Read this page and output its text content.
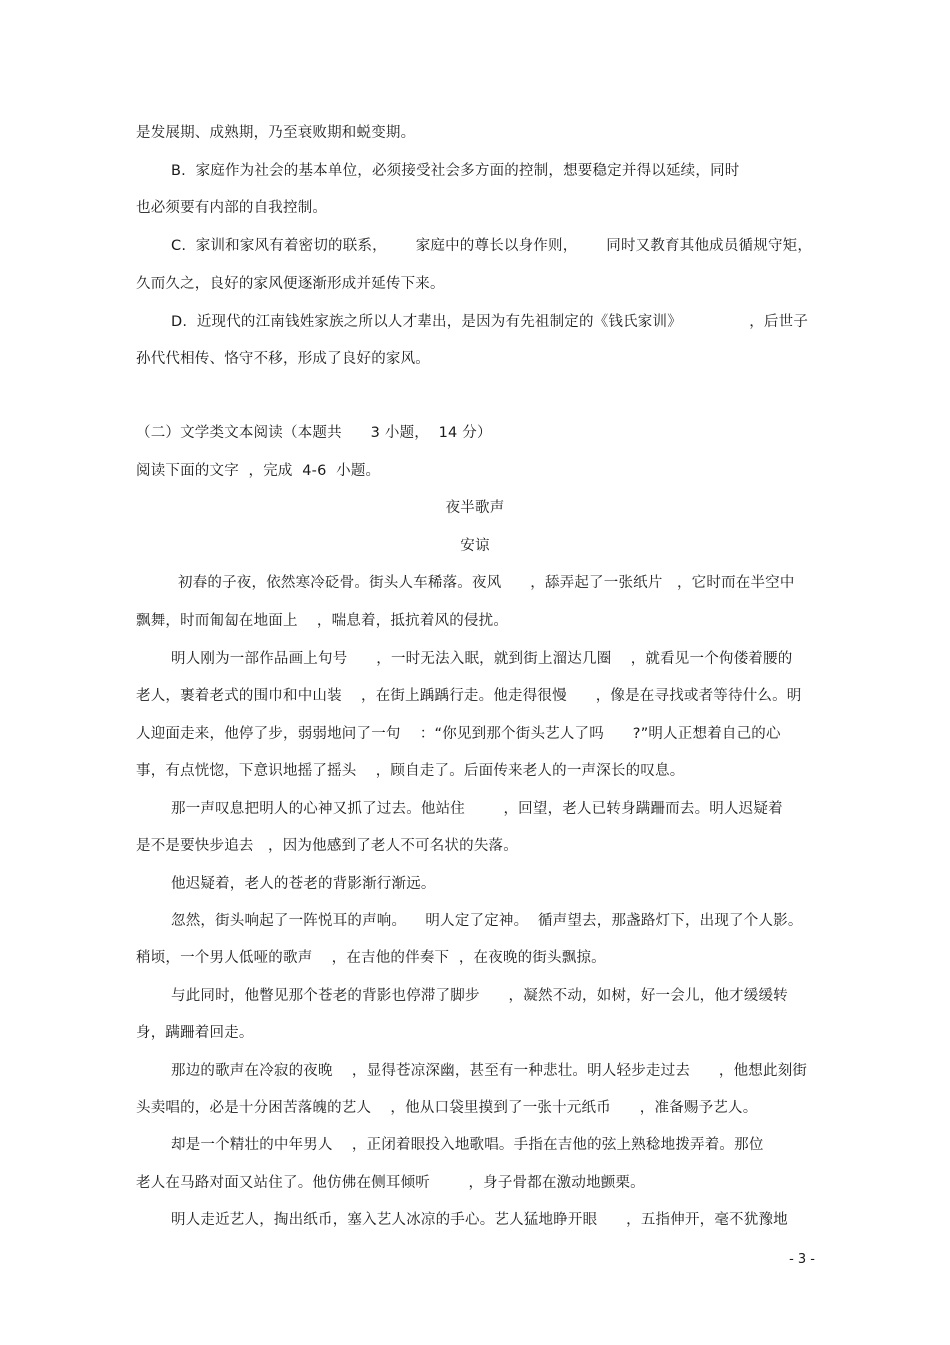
是发展期、成熟期，乃至衰败期和蜕变期。
B.  家庭作为社会的基本单位，必须接受社会多方面的控制，想要稳定并得以延续，同时
也必须要有内部的自我控制。
C.  家训和家风有着密切的联系，      家庭中的尊长以身作则，      同时又教育其他成员循规守矩，
久而久之，良好的家风便逐渐形成并延传下来。
D.  近现代的江南钱姓家族之所以人才辈出，是因为有先祖制定的《钱氏家训》              ，后世子
孙代代相传、恪守不移，形成了良好的家风。
（二）文学类文本阅读（本题共      3 小题，  14 分）
阅读下面的文字  ，完成  4-6  小题。
夜半歌声
安谅
初春的子夜，依然寒冷砭骨。街头人车稀落。夜风      ，舔弄起了一张纸片   ，它时而在半空中
飘舞，时而匍匐在地面上    ，喘息着，抵抗着风的侵扰。
明人刚为一部作品画上句号      ，一时无法入眠，就到街上溜达几圈    ，就看见一个佝偻着腰的
老人，裹着老式的围巾和中山装    ，在街上踽踽行走。他走得很慢      ，像是在寻找或者等待什么。明
人迎面走来，他停了步，弱弱地问了一句    ：“你见到那个街头艺人了吗      ?”明人正想着自己的心
事，有点恍惚，下意识地摇了摇头    ，顾自走了。后面传来老人的一声深长的叹息。
那一声叹息把明人的心神又抓了过去。他站住        ，回望，老人已转身蹒跚而去。明人迟疑着
是不是要快步追去   ，因为他感到了老人不可名状的失落。
他迟疑着，老人的苍老的背影渐行渐远。
忽然，街头响起了一阵悦耳的声响。    明人定了定神。  循声望去，那盏路灯下，出现了个人影。
稍顷，一个男人低哑的歌声    ，在吉他的伴奏下  ，在夜晚的街头飘掠。
与此同时，他瞥见那个苍老的背影也停滞了脚步      ，凝然不动，如树，好一会儿，他才缓缓转
身，蹒跚着回走。
那边的歌声在冷寂的夜晚    ，显得苍凉深幽，甚至有一种悲壮。明人轻步走过去      ，他想此刻街
头卖唱的，必是十分困苦落魄的艺人    ，他从口袋里摸到了一张十元纸币      ，准备赐予艺人。
却是一个精壮的中年男人    ，正闭着眼投入地歌唱。手指在吉他的弦上熟稔地拨弄着。那位
老人在马路对面又站住了。他仿佛在侧耳倾听        ，身子骨都在激动地颤栗。
明人走近艺人，掏出纸币，塞入艺人冰凉的手心。艺人猛地睁开眼      ，五指伸开，毫不犹豫地
- 3 -
